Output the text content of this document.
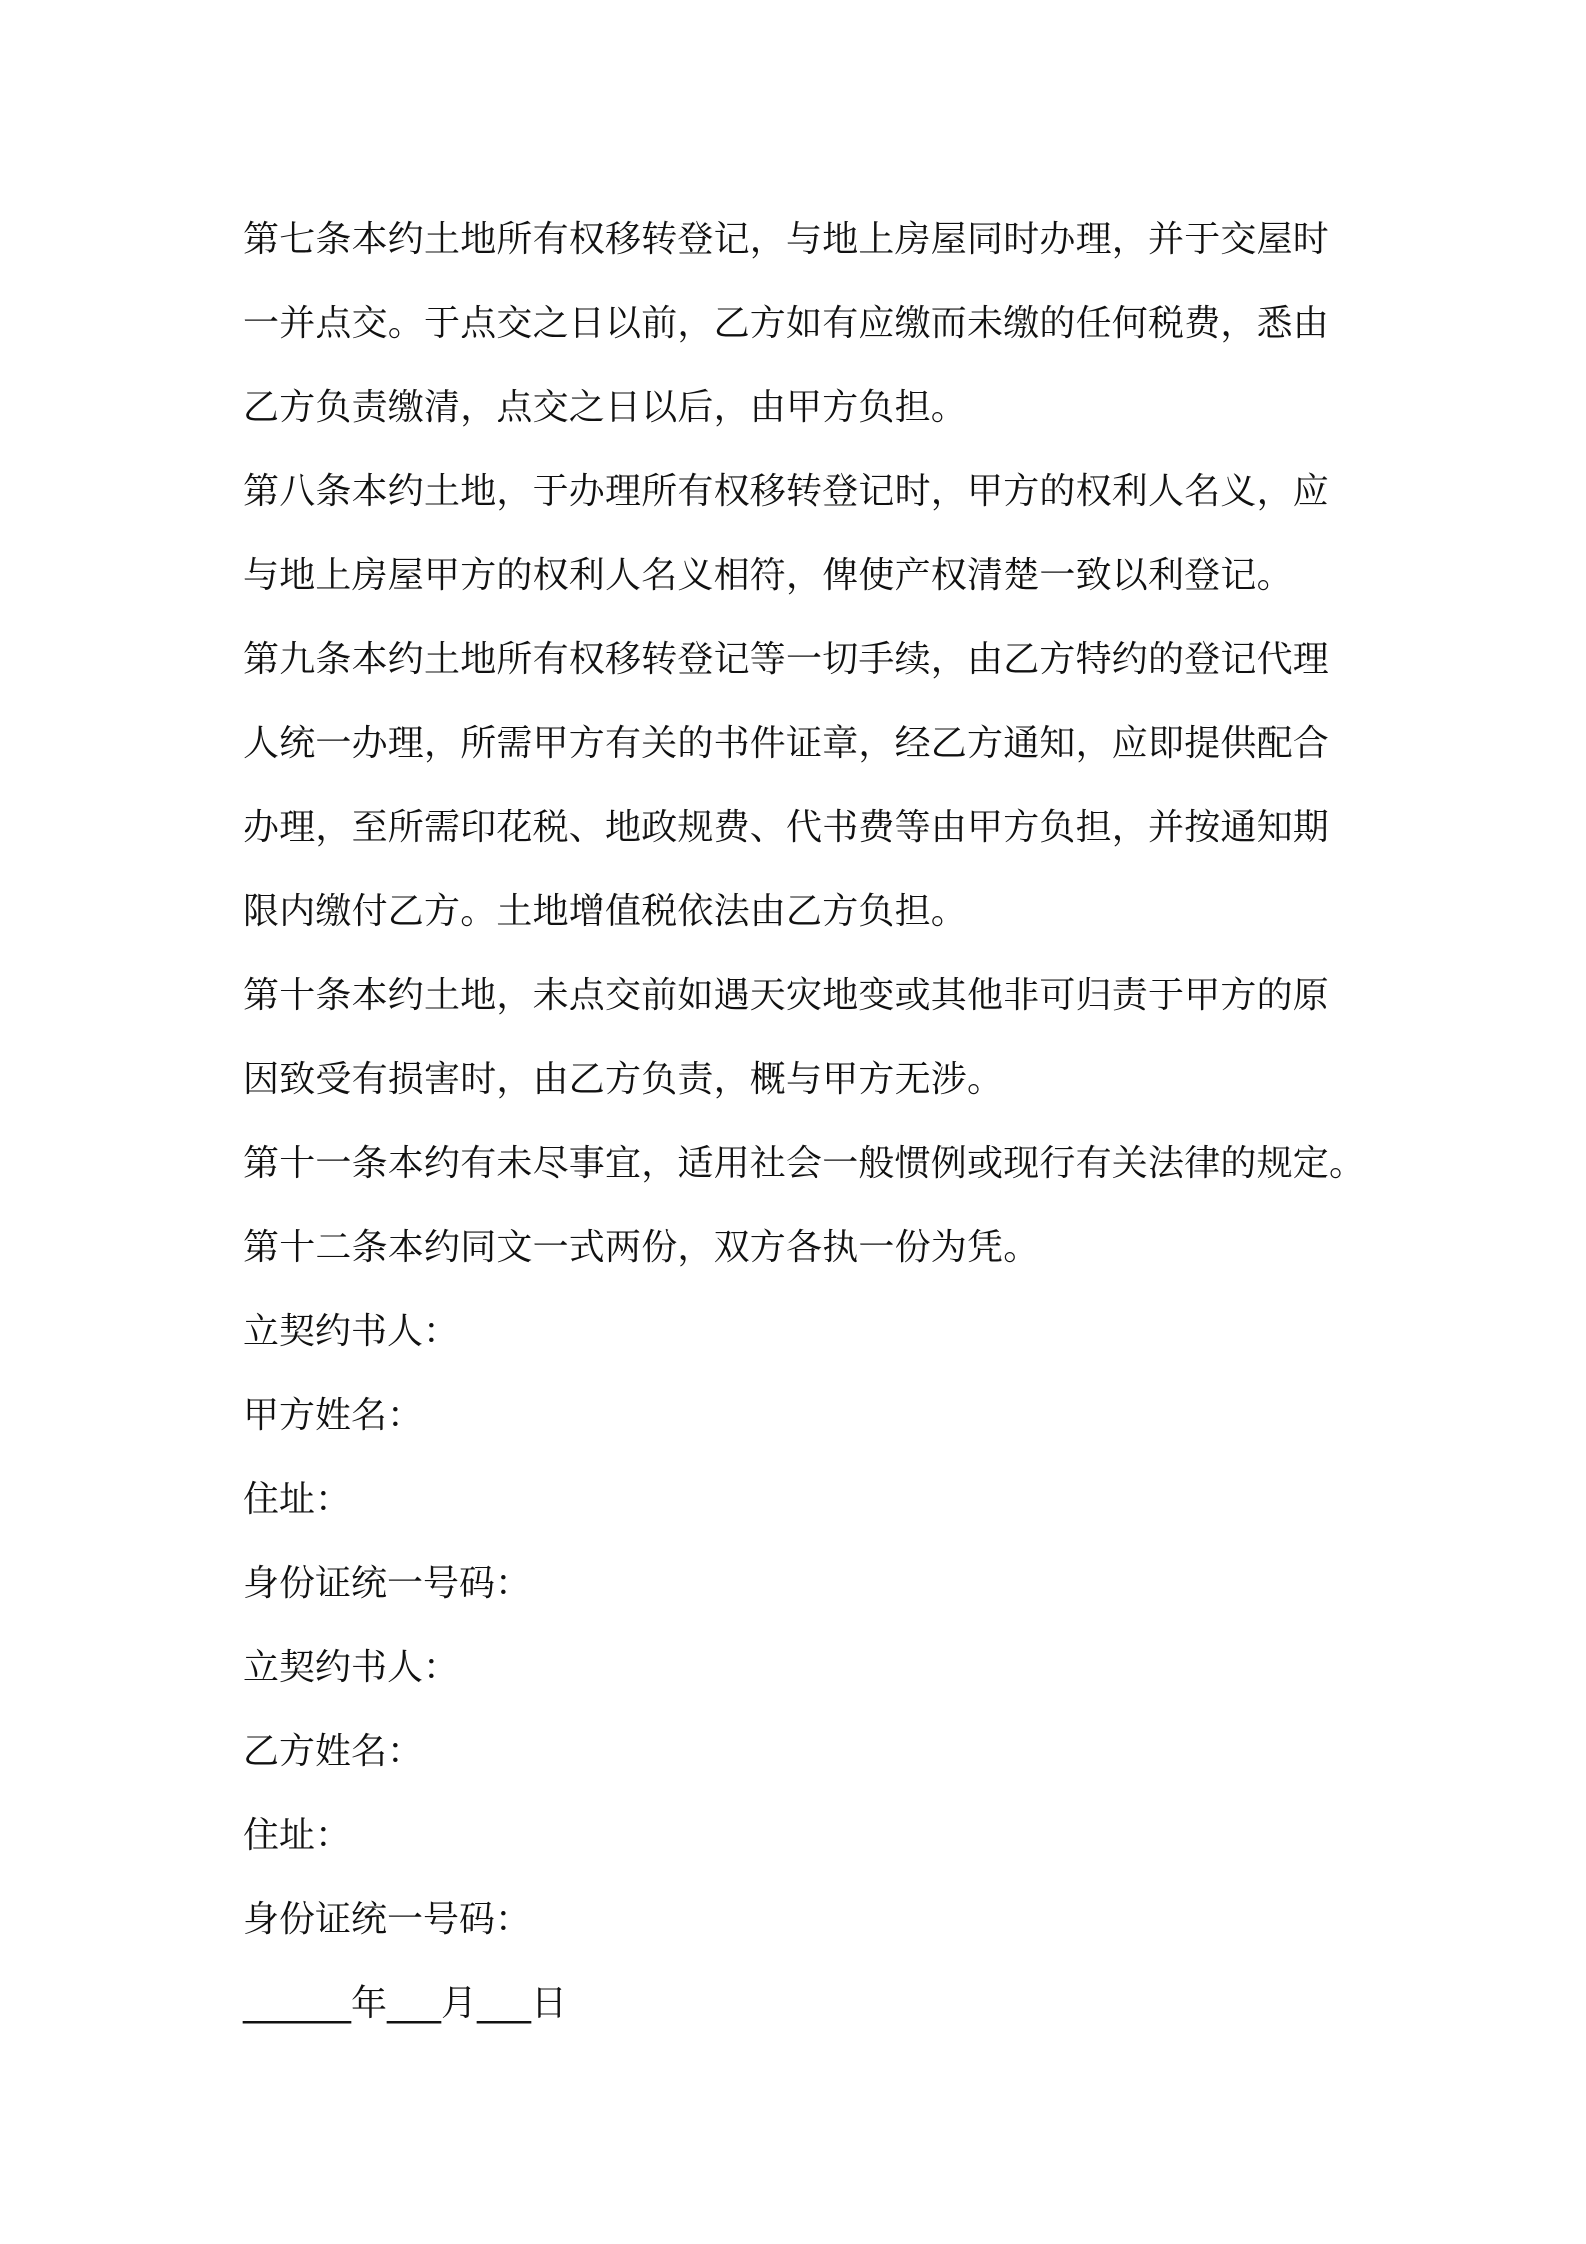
第七条本约土地所有权移转登记，与地上房屋同时办理，并于交屋时
一并点交。于点交之日以前，乙方如有应缴而未缴的任何税费，悉由
乙方负责缴清，点交之日以后，由甲方负担。
第八条本约土地，于办理所有权移转登记时，甲方的权利人名义，应
与地上房屋甲方的权利人名义相符，俾使产权清楚一致以利登记。
第九条本约土地所有权移转登记等一切手续，由乙方特约的登记代理
人统一办理，所需甲方有关的书件证章，经乙方通知，应即提供配合
办理，至所需印花税、地政规费、代书费等由甲方负担，并按通知期
限内缴付乙方。土地增值税依法由乙方负担。
第十条本约土地，未点交前如遇天灾地变或其他非可归责于甲方的原
因致受有损害时，由乙方负责，概与甲方无涉。
第十一条本约有未尽事宜，适用社会一般惯例或现行有关法律的规定。
第十二条本约同文一式两份，双方各执一份为凭。
立契约书人：
甲方姓名：
住址：
身份证统一号码：
立契约书人：
乙方姓名：
住址：
身份证统一号码：
______年___月___日
